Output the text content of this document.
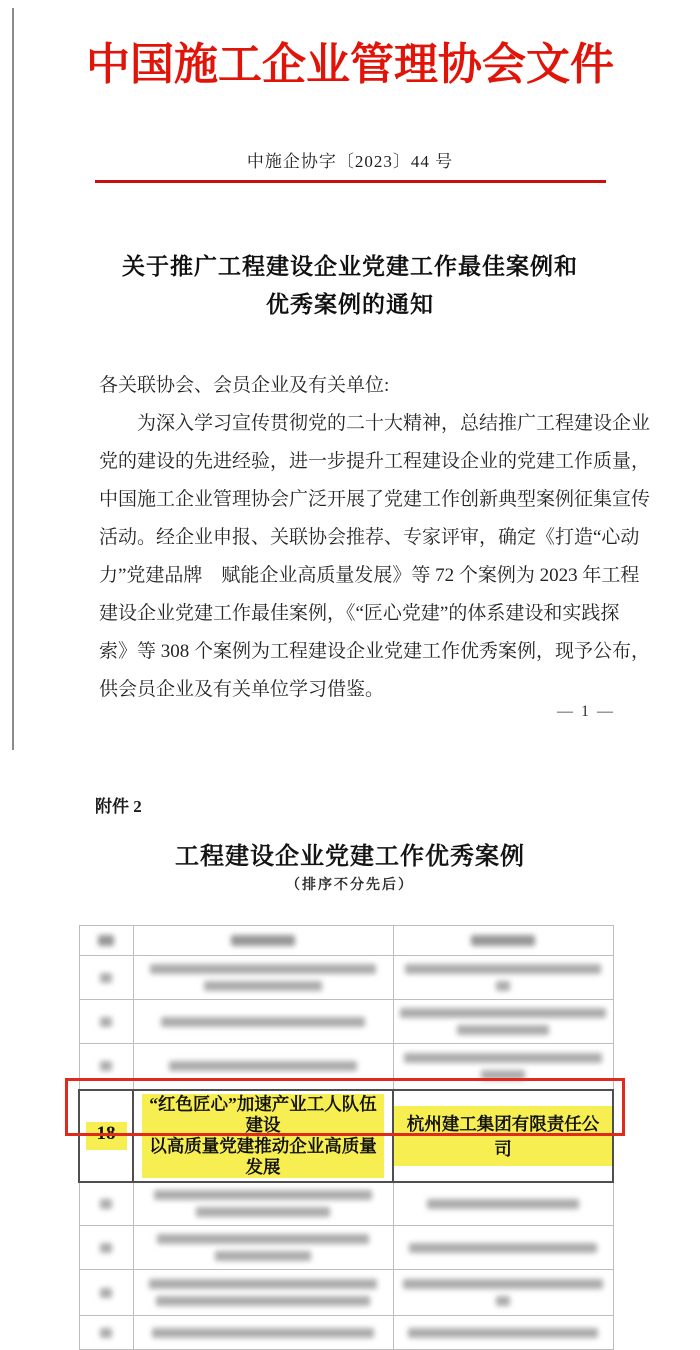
中国施工企业管理协会文件
中施企协字〔2023〕44 号
关于推广工程建设企业党建工作最佳案例和
优秀案例的通知
各关联协会、会员企业及有关单位:
为深入学习宣传贯彻党的二十大精神，总结推广工程建设企业
党的建设的先进经验，进一步提升工程建设企业的党建工作质量，
中国施工企业管理协会广泛开展了党建工作创新典型案例征集宣传
活动。经企业申报、关联协会推荐、专家评审，确定《打造“心动
力”党建品牌　赋能企业高质量发展》等 72 个案例为 2023 年工程
建设企业党建工作最佳案例，《“匠心党建”的体系建设和实践探
索》等 308 个案例为工程建设企业党建工作优秀案例，现予公布，
供会员企业及有关单位学习借鉴。
— 1 —
附件 2
工程建设企业党建工作优秀案例
（排序不分先后）

18	“红色匠心”加速产业工人队伍建设
以高质量党建推动企业高质量发展	杭州建工集团有限责任公司
